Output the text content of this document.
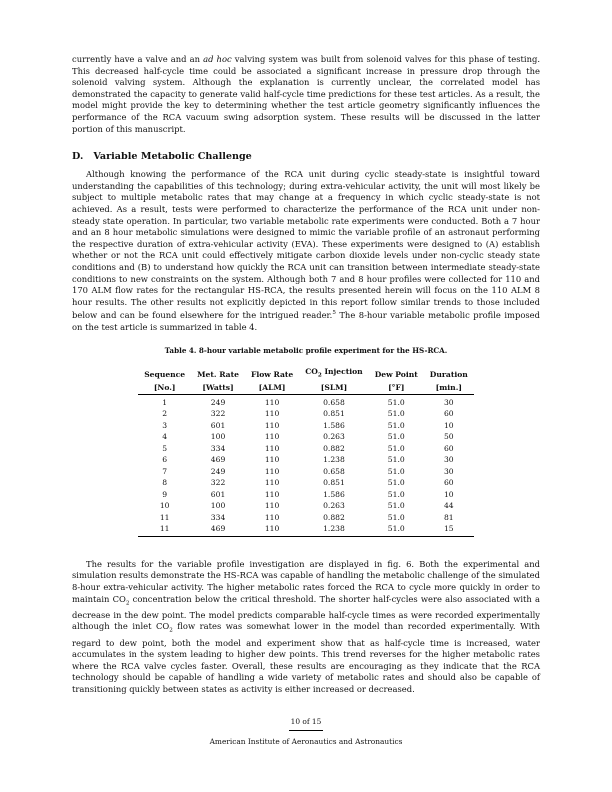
currently have a valve and an ad hoc valving system was built from solenoid valves for this phase of testing. This decreased half-cycle time could be associated a significant increase in pressure drop through the solenoid valving system. Although the explanation is currently unclear, the correlated model has demonstrated the capacity to generate valid half-cycle time predictions for these test articles. As a result, the model might provide the key to determining whether the test article geometry significantly influences the performance of the RCA vacuum swing adsorption system. These results will be discussed in the latter portion of this manuscript.

D. Variable Metabolic Challenge

Although knowing the performance of the RCA unit during cyclic steady-state is insightful toward understanding the capabilities of this technology; during extra-vehicular activity, the unit will most likely be subject to multiple metabolic rates that may change at a frequency in which cyclic steady-state is not achieved. As a result, tests were performed to characterize the performance of the RCA unit under non-steady state operation. In particular, two variable metabolic rate experiments were conducted. Both a 7 hour and an 8 hour metabolic simulations were designed to mimic the variable profile of an astronaut performing the respective duration of extra-vehicular activity (EVA). These experiments were designed to (A) establish whether or not the RCA unit could effectively mitigate carbon dioxide levels under non-cyclic steady state conditions and (B) to understand how quickly the RCA unit can transition between intermediate steady-state conditions to new constraints on the system. Although both 7 and 8 hour profiles were collected for 110 and 170 ALM flow rates for the rectangular HS-RCA, the results presented herein will focus on the 110 ALM 8 hour results. The other results not explicitly depicted in this report follow similar trends to those included below and can be found elsewhere for the intrigued reader.$^5$ The 8-hour variable metabolic profile imposed on the test article is summarized in table 4.

Table 4. 8-hour variable metabolic profile experiment for the HS-RCA.
Sequence	Met. Rate	Flow Rate	$CO_2$ Injection	Dew Point	Duration
[No.]	[Watts]	[ALM]	[SLM]	[°F]	[min.]
1	249	110	0.658	51.0	30
2	322	110	0.851	51.0	60
3	601	110	1.586	51.0	10
4	100	110	0.263	51.0	50
5	334	110	0.882	51.0	60
6	469	110	1.238	51.0	30
7	249	110	0.658	51.0	30
8	322	110	0.851	51.0	60
9	601	110	1.586	51.0	10
10	100	110	0.263	51.0	44
11	334	110	0.882	51.0	81
11	469	110	1.238	51.0	15

The results for the variable profile investigation are displayed in fig. 6. Both the experimental and simulation results demonstrate the HS-RCA was capable of handling the metabolic challenge of the simulated 8-hour extra-vehicular activity. The higher metabolic rates forced the RCA to cycle more quickly in order to maintain $CO_2$ concentration below the critical threshold. The shorter half-cycles were also associated with a decrease in the dew point. The model predicts comparable half-cycle times as were recorded experimentally although the inlet $CO_2$ flow rates was somewhat lower in the model than recorded experimentally. With regard to dew point, both the model and experiment show that as half-cycle time is increased, water accumulates in the system leading to higher dew points. This trend reverses for the higher metabolic rates where the RCA valve cycles faster. Overall, these results are encouraging as they indicate that the RCA technology should be capable of handling a wide variety of metabolic rates and should also be capable of transitioning quickly between states as activity is either increased or decreased.

10 of 15
American Institute of Aeronautics and Astronautics
